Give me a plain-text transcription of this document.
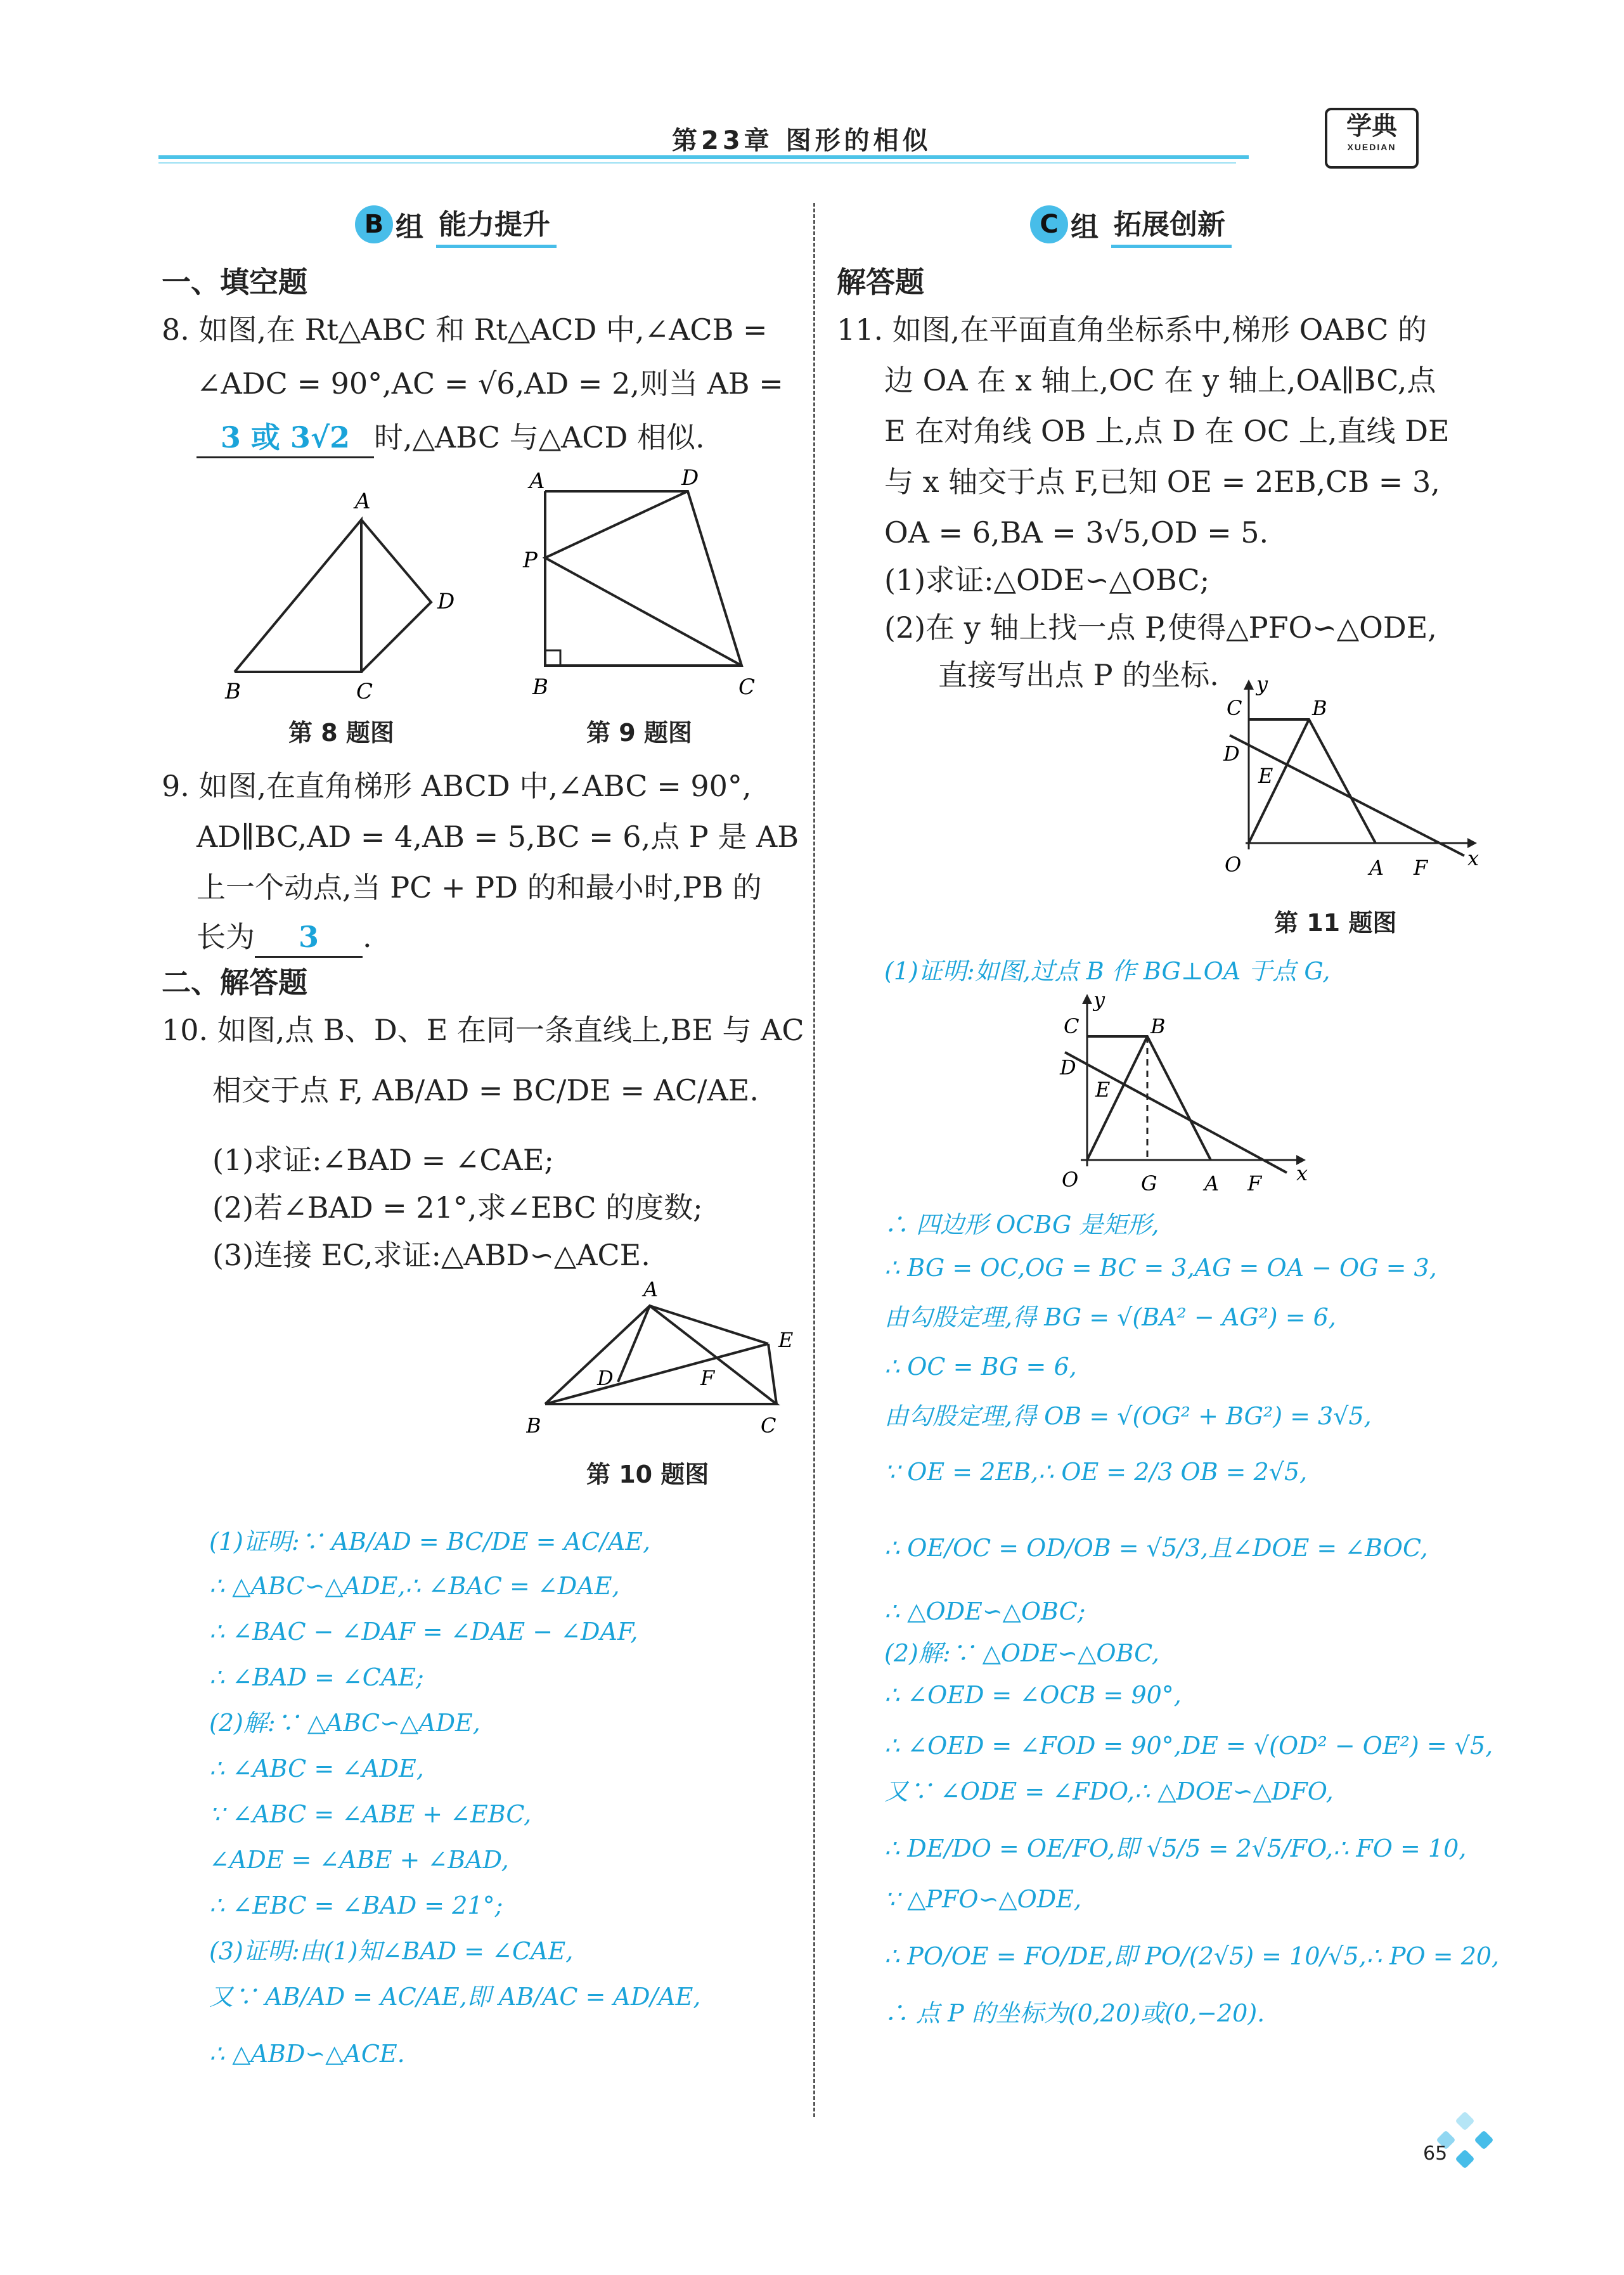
第23章 图形的相似	学典
XUEDIAN
B 组 能力提升
一、填空题
8. 如图,在 Rt△ABC 和 Rt△ACD 中,∠ACB =
∠ADC = 90°,AC = √6,AD = 2,则当 AB =
3 或 3√2 时,△ABC 与△ACD 相似.
A
B	C
D
第 8 题图
A	D
P
B	C
第 9 题图
9. 如图,在直角梯形 ABCD 中,∠ABC = 90°,
AD∥BC,AD = 4,AB = 5,BC = 6,点 P 是 AB
上一个动点,当 PC + PD 的和最小时,PB 的
长为 3 .
二、解答题
10. 如图,点 B、D、E 在同一条直线上,BE 与 AC
相交于点 F, AB/AD = BC/DE = AC/AE.
(1)求证:∠BAD = ∠CAE;
(2)若∠BAD = 21°,求∠EBC 的度数;
(3)连接 EC,求证:△ABD∽△ACE.
A
B	C
D
E
F
第 10 题图
(1)证明:∵ AB/AD = BC/DE = AC/AE,
∴ △ABC∽△ADE,∴ ∠BAC = ∠DAE,
∴ ∠BAC − ∠DAF = ∠DAE − ∠DAF,
∴ ∠BAD = ∠CAE;
(2)解:∵ △ABC∽△ADE,
∴ ∠ABC = ∠ADE,
∵ ∠ABC = ∠ABE + ∠EBC,
∠ADE = ∠ABE + ∠BAD,
∴ ∠EBC = ∠BAD = 21°;
(3)证明:由(1)知∠BAD = ∠CAE,
又∵ AB/AD = AC/AE,即 AB/AC = AD/AE,
∴ △ABD∽△ACE.
C 组 拓展创新
解答题
11. 如图,在平面直角坐标系中,梯形 OABC 的
边 OA 在 x 轴上,OC 在 y 轴上,OA∥BC,点
E 在对角线 OB 上,点 D 在 OC 上,直线 DE
与 x 轴交于点 F,已知 OE = 2EB,CB = 3,
OA = 6,BA = 3√5,OD = 5.
(1)求证:△ODE∽△OBC;
(2)在 y 轴上找一点 P,使得△PFO∽△ODE,
直接写出点 P 的坐标.
C	B
D
E
O	A F x
y
第 11 题图
(1)证明:如图,过点 B 作 BG⊥OA 于点 G,
C	B
D
E
O	G A F x
y
∴ 四边形 OCBG 是矩形,
∴ BG = OC,OG = BC = 3,AG = OA − OG = 3,
由勾股定理,得 BG = √(BA² − AG²) = 6,
∴ OC = BG = 6,
由勾股定理,得 OB = √(OG² + BG²) = 3√5,
∵ OE = 2EB,∴ OE = 2/3 OB = 2√5,
∴ OE/OC = OD/OB = √5/3,且∠DOE = ∠BOC,
∴ △ODE∽△OBC;
(2)解:∵ △ODE∽△OBC,
∴ ∠OED = ∠OCB = 90°,
∴ ∠OED = ∠FOD = 90°,DE = √(OD² − OE²) = √5,
又∵ ∠ODE = ∠FDO,∴ △DOE∽△DFO,
∴ DE/DO = OE/FO,即 √5/5 = 2√5/FO,∴ FO = 10,
∵ △PFO∽△ODE,
∴ PO/OE = FO/DE,即 PO/(2√5) = 10/√5,∴ PO = 20,
∴ 点 P 的坐标为(0,20)或(0,−20).
65
